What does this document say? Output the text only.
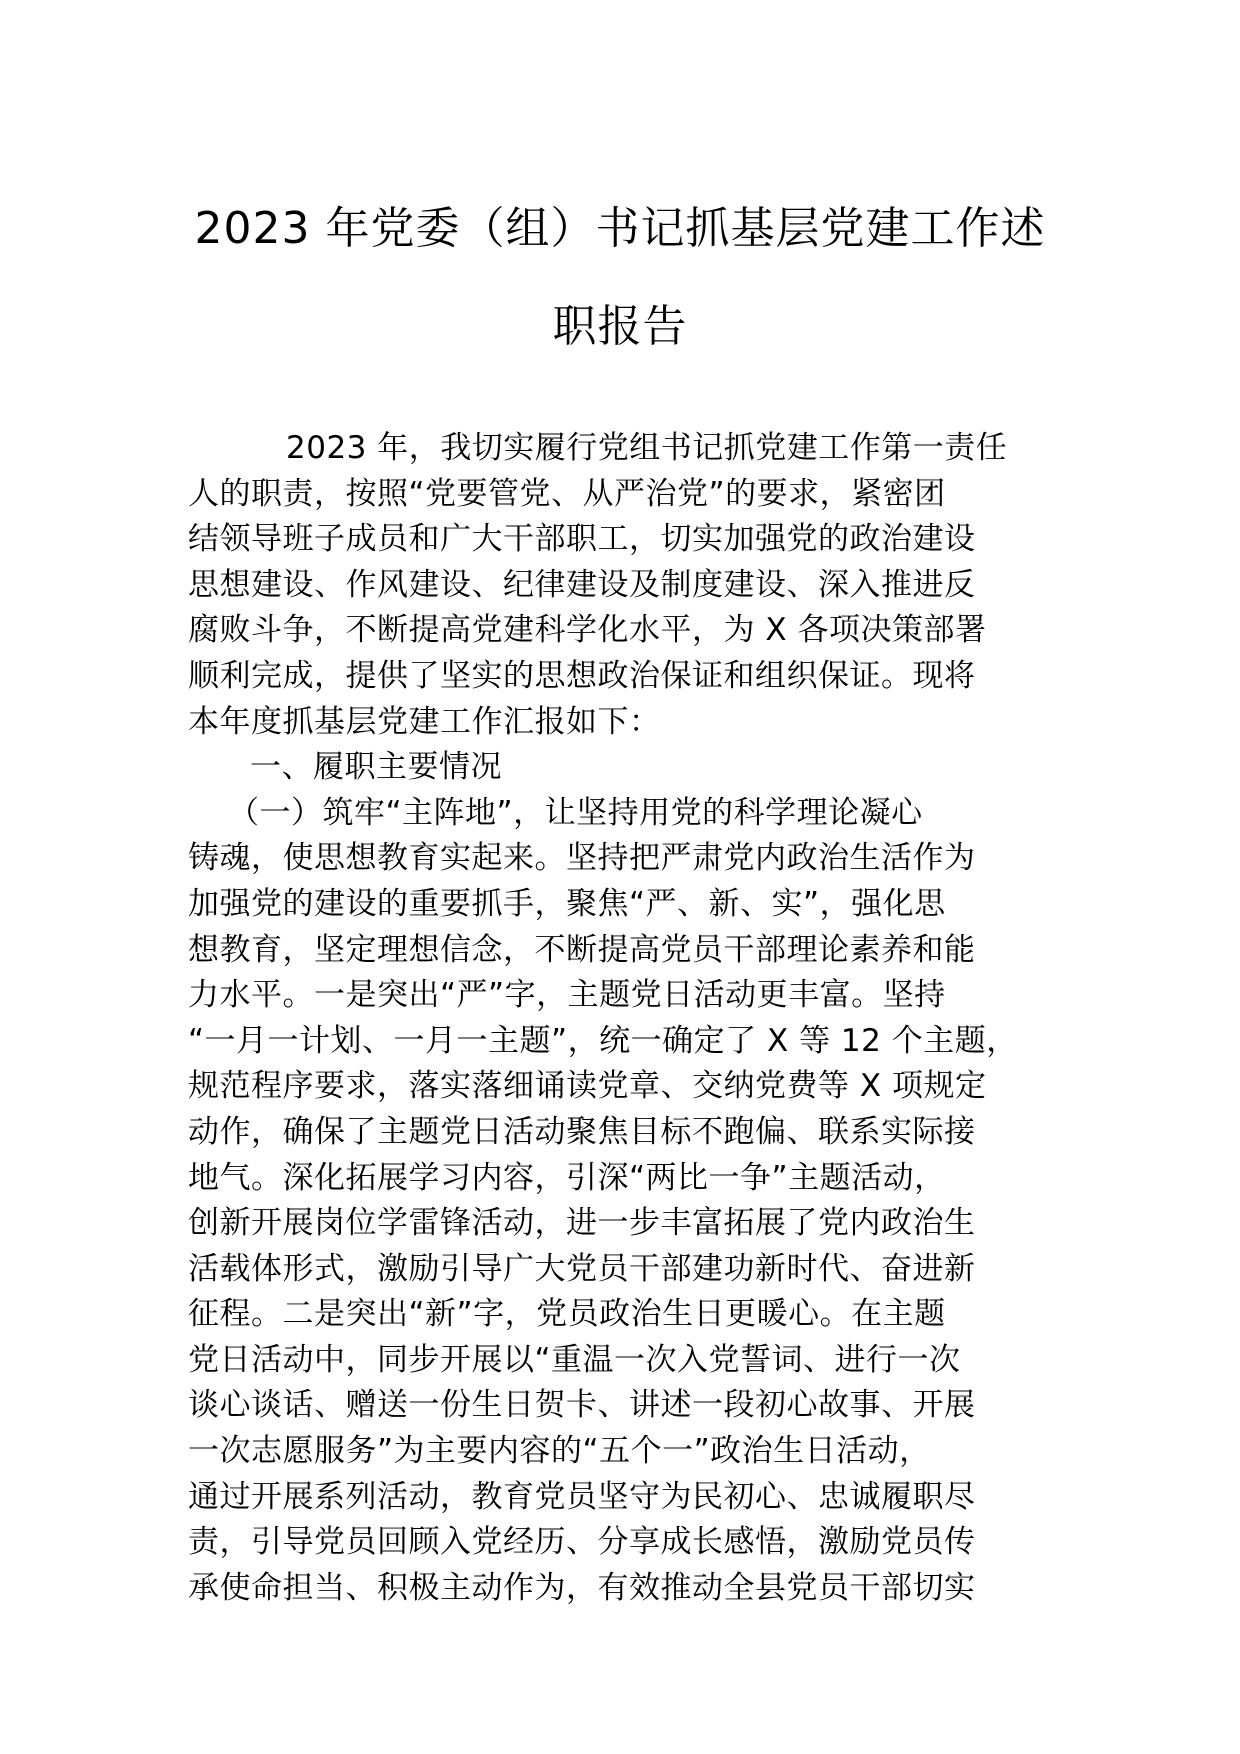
2023 年党委（组）书记抓基层党建工作述
职报告
2023 年，我切实履行党组书记抓党建工作第一责任
人的职责，按照“党要管党、从严治党”的要求，紧密团
结领导班子成员和广大干部职工，切实加强党的政治建设
思想建设、作风建设、纪律建设及制度建设、深入推进反
腐败斗争，不断提高党建科学化水平，为 X 各项决策部署
顺利完成，提供了坚实的思想政治保证和组织保证。现将
本年度抓基层党建工作汇报如下：
一、履职主要情况
（一）筑牢“主阵地”，让坚持用党的科学理论凝心
铸魂，使思想教育实起来。坚持把严肃党内政治生活作为
加强党的建设的重要抓手，聚焦“严、新、实”，强化思
想教育，坚定理想信念，不断提高党员干部理论素养和能
力水平。一是突出“严”字，主题党日活动更丰富。坚持
“一月一计划、一月一主题”，统一确定了 X 等 12 个主题，
规范程序要求，落实落细诵读党章、交纳党费等 X 项规定
动作，确保了主题党日活动聚焦目标不跑偏、联系实际接
地气。深化拓展学习内容，引深“两比一争”主题活动，
创新开展岗位学雷锋活动，进一步丰富拓展了党内政治生
活载体形式，激励引导广大党员干部建功新时代、奋进新
征程。二是突出“新”字，党员政治生日更暖心。在主题
党日活动中，同步开展以“重温一次入党誓词、进行一次
谈心谈话、赠送一份生日贺卡、讲述一段初心故事、开展
一次志愿服务”为主要内容的“五个一”政治生日活动，
通过开展系列活动，教育党员坚守为民初心、忠诚履职尽
责，引导党员回顾入党经历、分享成长感悟，激励党员传
承使命担当、积极主动作为，有效推动全县党员干部切实
